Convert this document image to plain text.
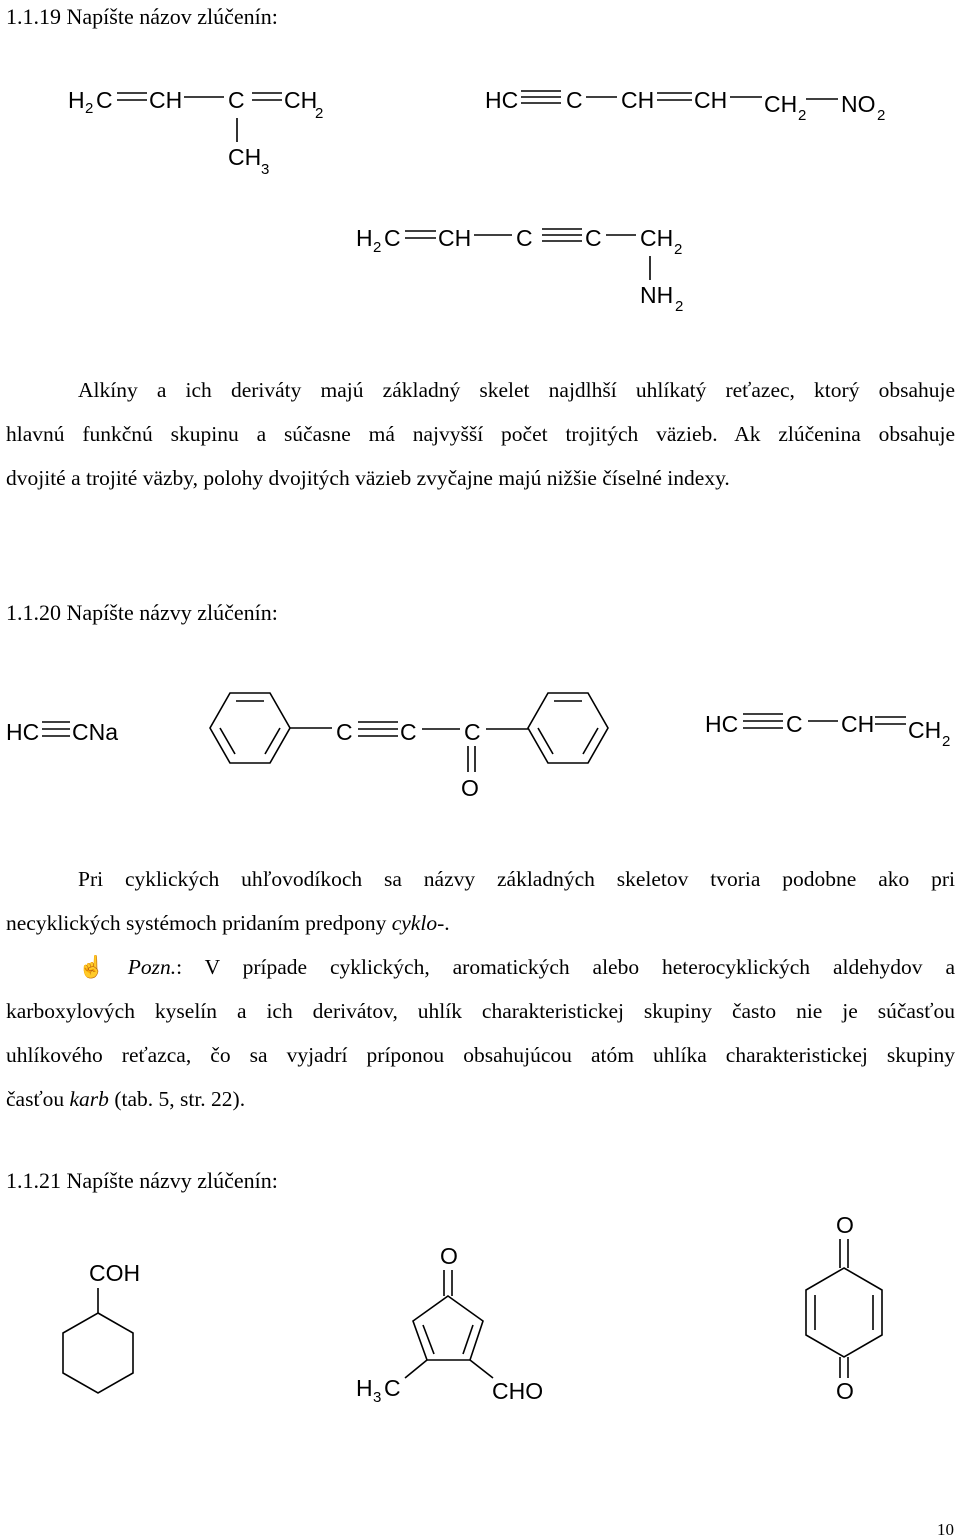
1.1.19 Napíšte názov zlúčenín:
1.1.20 Napíšte názvy zlúčenín:
1.1.21 Napíšte názvy zlúčenín:
Alkíny a ich deriváty majú základný skelet najdlhší uhlíkatý reťazec, ktorý obsahuje
hlavnú funkčnú skupinu a súčasne má najvyšší počet trojitých väzieb. Ak zlúčenina obsahuje
dvojité a trojité väzby, polohy dvojitých väzieb zvyčajne majú nižšie číselné indexy.
Pri cyklických uhľovodíkoch sa názvy základných skeletov tvoria podobne ako pri
necyklických systémoch pridaním predpony cyklo-.
☝ Pozn.: V prípade cyklických, aromatických alebo heterocyklických aldehydov a
karboxylových kyselín a ich derivátov, uhlík charakteristickej skupiny často nie je súčasťou
uhlíkového reťazca, čo sa vyjadrí príponou obsahujúcou atóm uhlíka charakteristickej skupiny
časťou karb (tab. 5, str. 22).
H 2 C CH C CH
2
CH 3
HC C CH CH CH 2 NO 2
H 2 C CH C C CH 2
NH 2
HC CNa	C C C
O
HC C CH CH 2
COH
O
H 3 C	CHO
O
O
10
